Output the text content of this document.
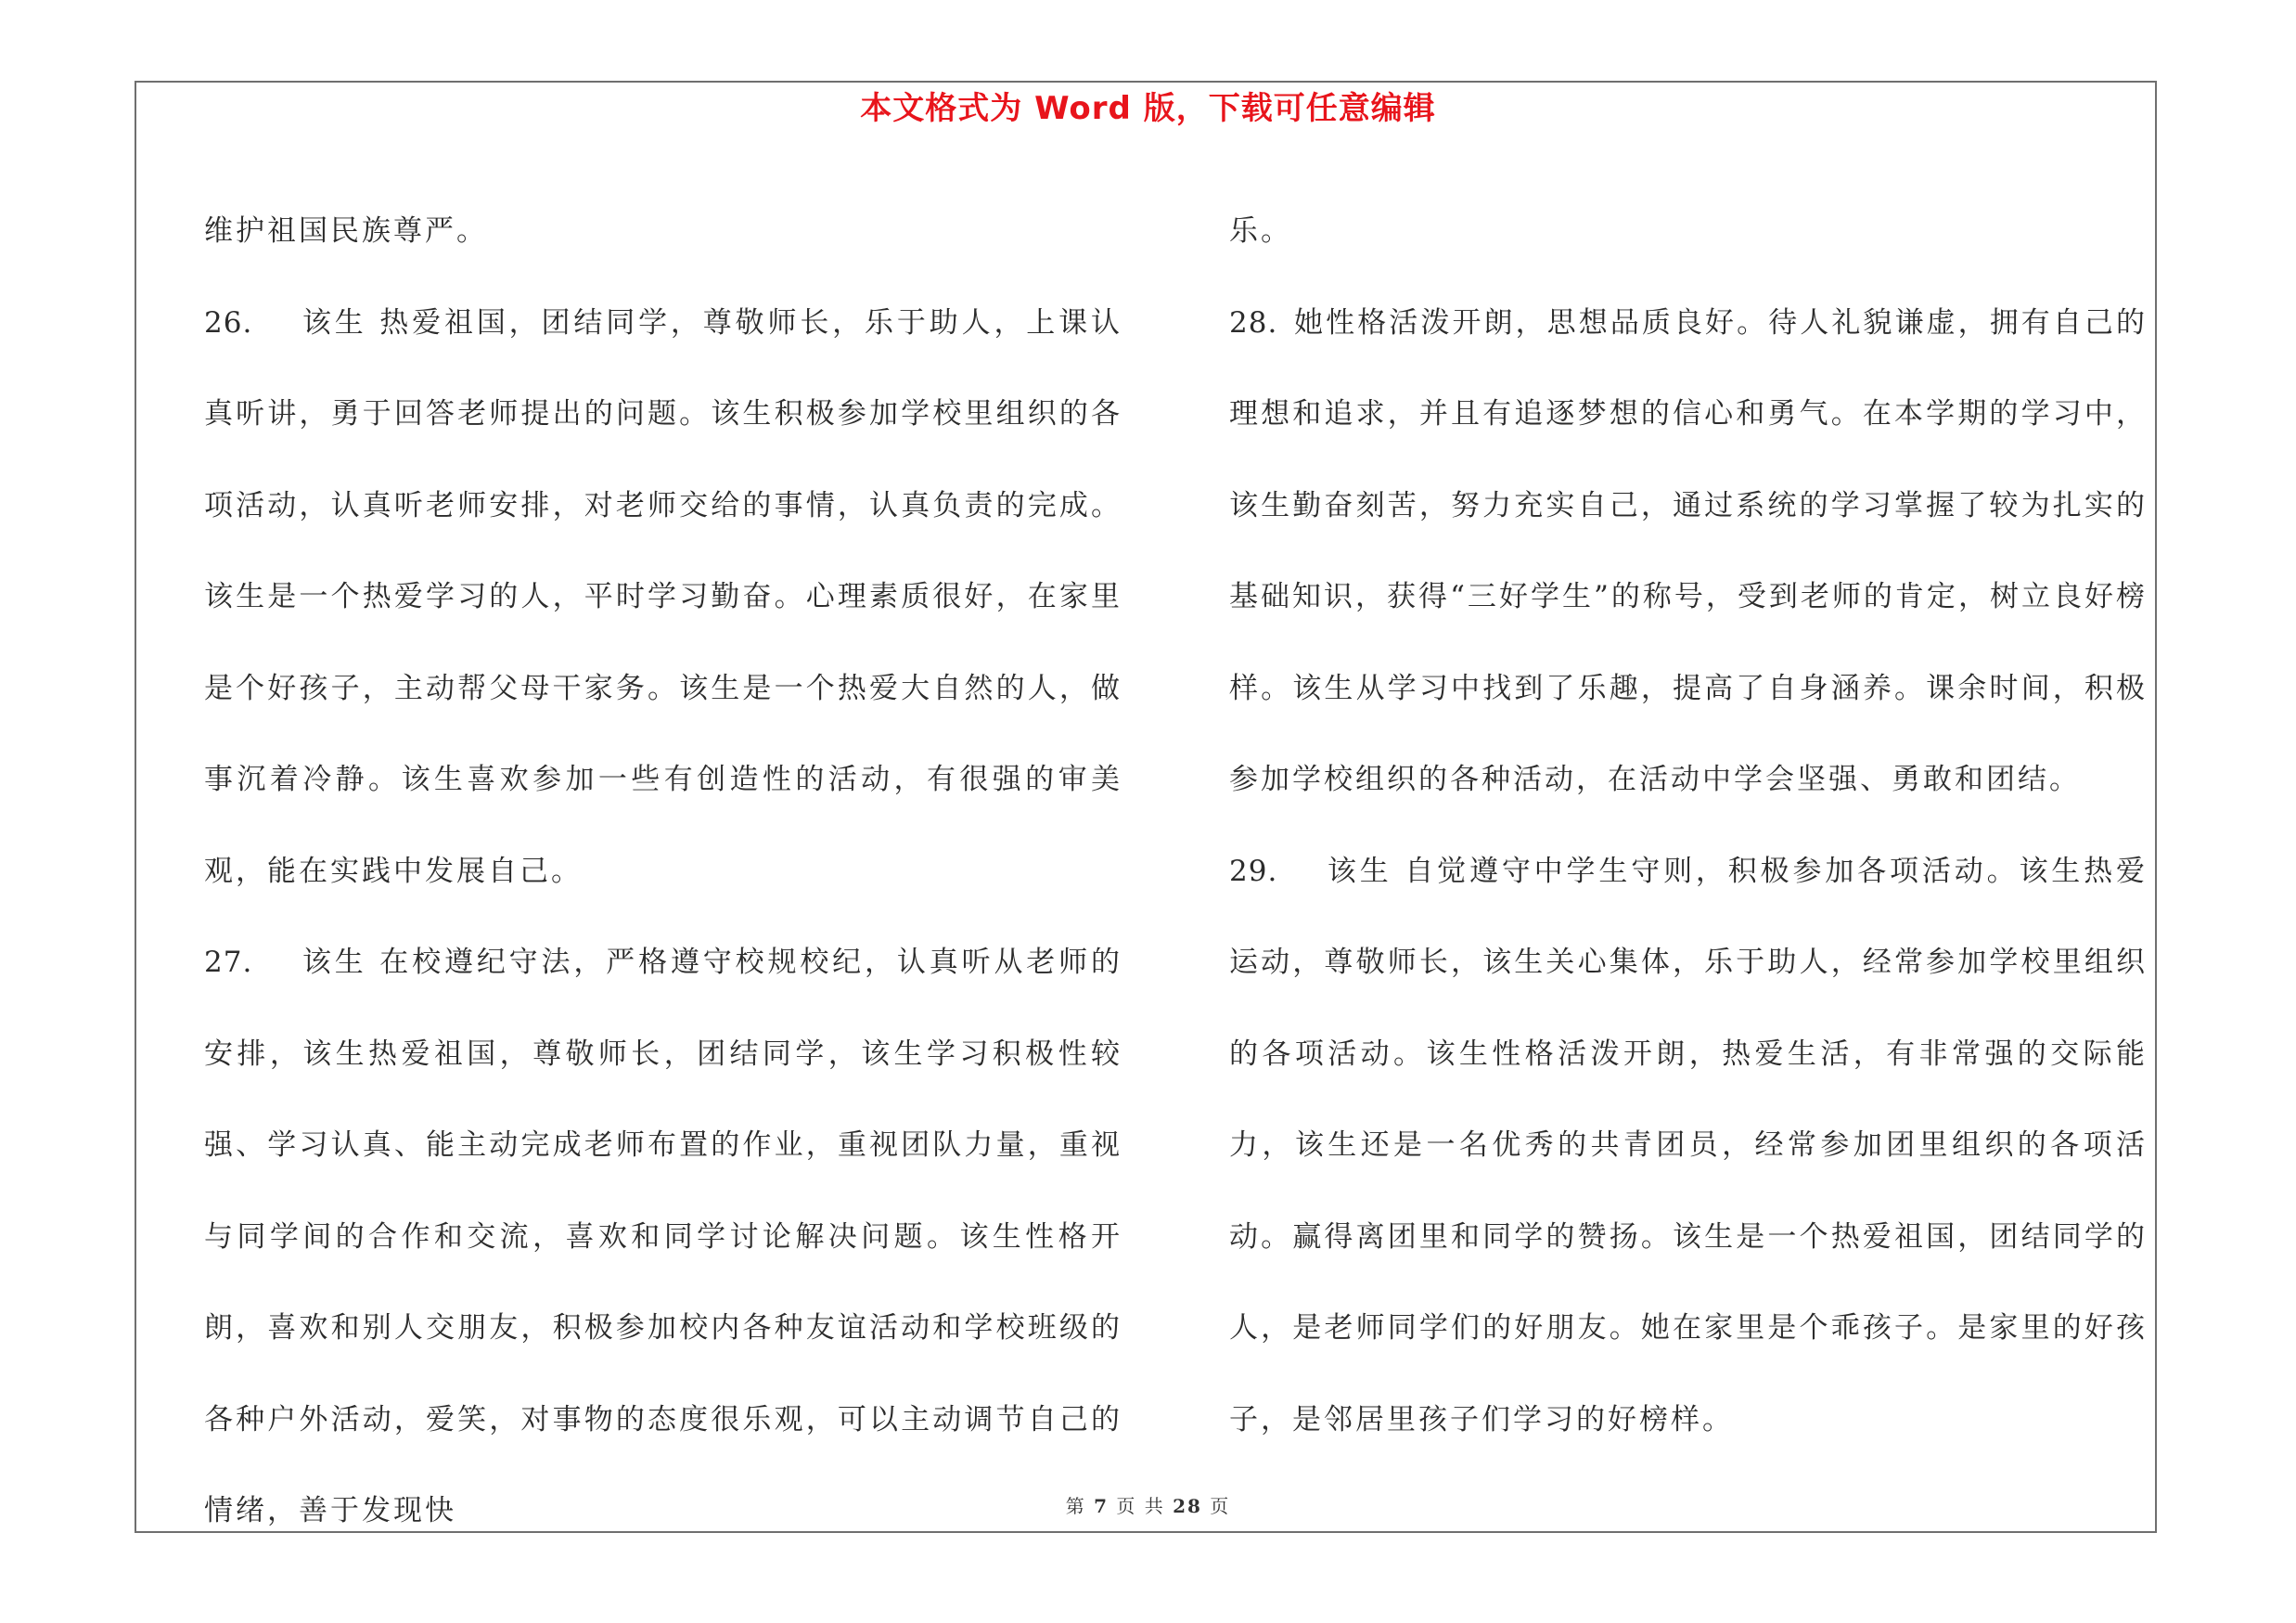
本文格式为 Word 版，下载可任意编辑

维护祖国民族尊严。

26. 该生 热爱祖国，团结同学，尊敬师长，乐于助人，上课认真听讲，勇于回答老师提出的问题。该生积极参加学校里组织的各项活动，认真听老师安排，对老师交给的事情，认真负责的完成。该生是一个热爱学习的人，平时学习勤奋。心理素质很好，在家里是个好孩子，主动帮父母干家务。该生是一个热爱大自然的人，做事沉着冷静。该生喜欢参加一些有创造性的活动，有很强的审美观，能在实践中发展自己。

27. 该生 在校遵纪守法，严格遵守校规校纪，认真听从老师的安排，该生热爱祖国，尊敬师长，团结同学，该生学习积极性较强、学习认真、能主动完成老师布置的作业，重视团队力量，重视与同学间的合作和交流，喜欢和同学讨论解决问题。该生性格开朗，喜欢和别人交朋友，积极参加校内各种友谊活动和学校班级的各种户外活动，爱笑，对事物的态度很乐观，可以主动调节自己的情绪，善于发现快

乐。

28. 她性格活泼开朗，思想品质良好。待人礼貌谦虚，拥有自己的理想和追求，并且有追逐梦想的信心和勇气。在本学期的学习中，该生勤奋刻苦，努力充实自己，通过系统的学习掌握了较为扎实的基础知识，获得“三好学生”的称号，受到老师的肯定，树立良好榜样。该生从学习中找到了乐趣，提高了自身涵养。课余时间，积极参加学校组织的各种活动，在活动中学会坚强、勇敢和团结。

29. 该生 自觉遵守中学生守则，积极参加各项活动。该生热爱运动，尊敬师长，该生关心集体，乐于助人，经常参加学校里组织的各项活动。该生性格活泼开朗，热爱生活，有非常强的交际能力，该生还是一名优秀的共青团员，经常参加团里组织的各项活动。赢得离团里和同学的赞扬。该生是一个热爱祖国，团结同学的人，是老师同学们的好朋友。她在家里是个乖孩子。是家里的好孩子，是邻居里孩子们学习的好榜样。

第 7 页 共 28 页
